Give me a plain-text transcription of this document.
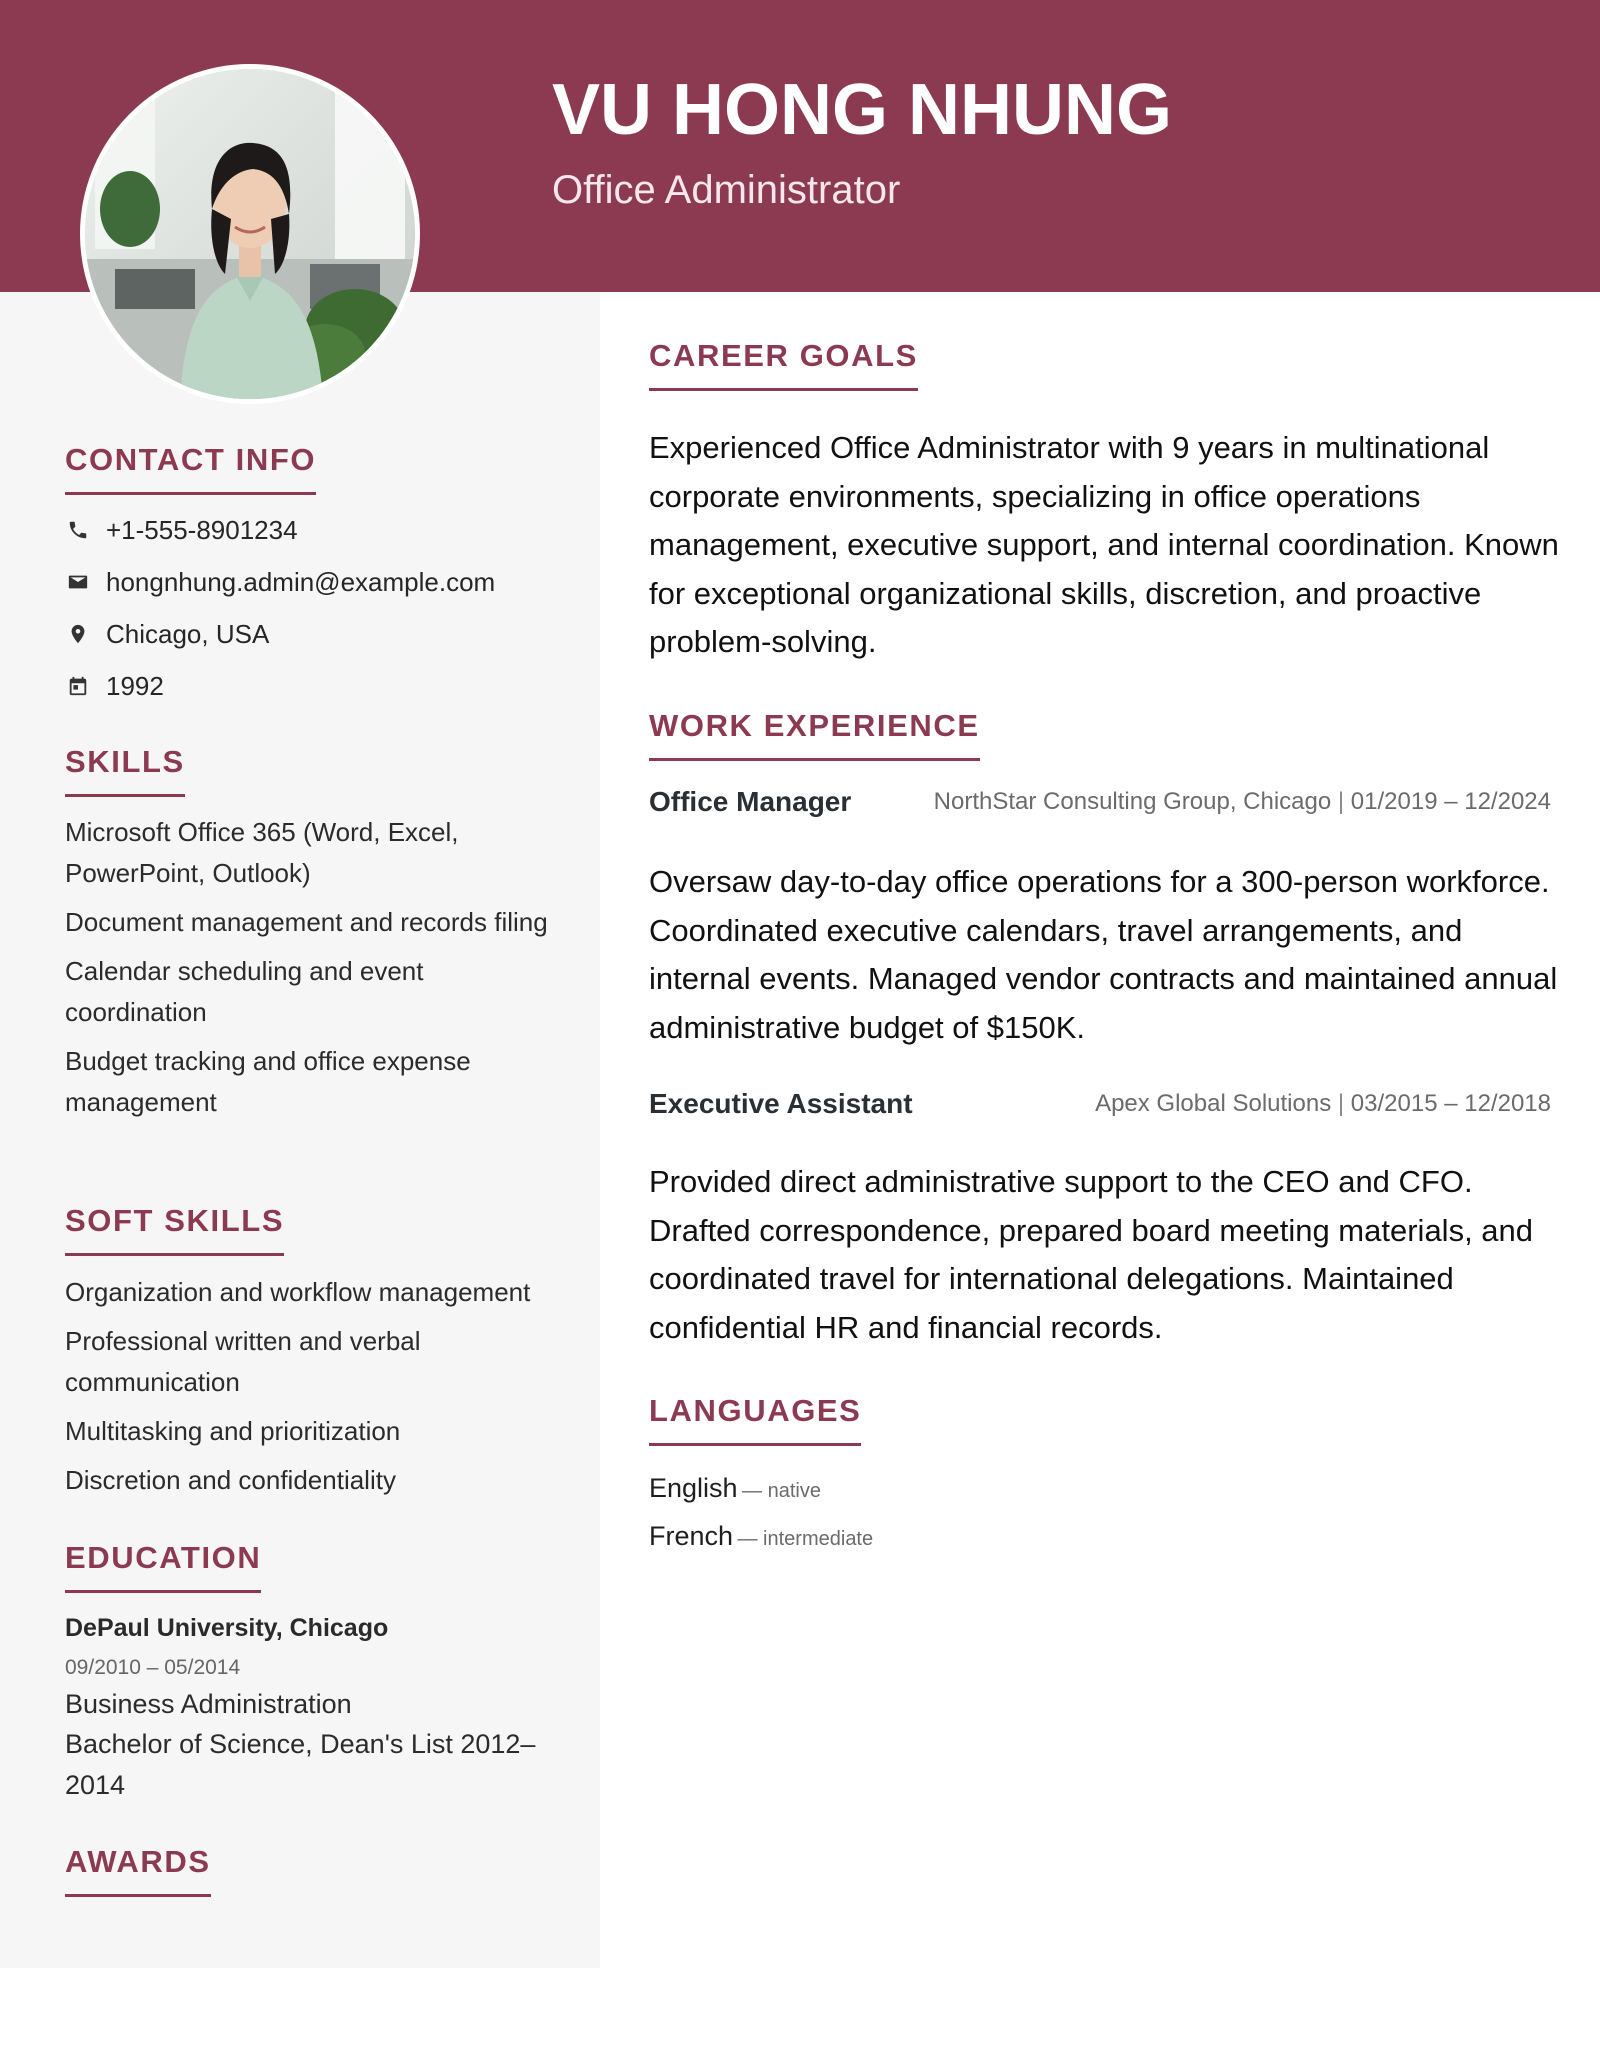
VU HONG NHUNG
Office Administrator
CONTACT INFO
+1-555-8901234
hongnhung.admin@example.com
Chicago, USA
1992
SKILLS
Microsoft Office 365 (Word, Excel, PowerPoint, Outlook)
Document management and records filing
Calendar scheduling and event coordination
Budget tracking and office expense management
SOFT SKILLS
Organization and workflow management
Professional written and verbal communication
Multitasking and prioritization
Discretion and confidentiality
EDUCATION
DePaul University, Chicago
09/2010 – 05/2014
Business Administration
Bachelor of Science, Dean's List 2012–2014
AWARDS
CAREER GOALS

Experienced Office Administrator with 9 years in multinational corporate environments, specializing in office operations management, executive support, and internal coordination. Known for exceptional organizational skills, discretion, and proactive problem-solving.

WORK EXPERIENCE
Office Manager	NorthStar Consulting Group, Chicago | 01/2019 – 12/2024

Oversaw day-to-day office operations for a 300-person workforce. Coordinated executive calendars, travel arrangements, and internal events. Managed vendor contracts and maintained annual administrative budget of $150K.

Executive Assistant	Apex Global Solutions | 03/2015 – 12/2018

Provided direct administrative support to the CEO and CFO. Drafted correspondence, prepared board meeting materials, and coordinated travel for international delegations. Maintained confidential HR and financial records.

LANGUAGES
English — native
French — intermediate
